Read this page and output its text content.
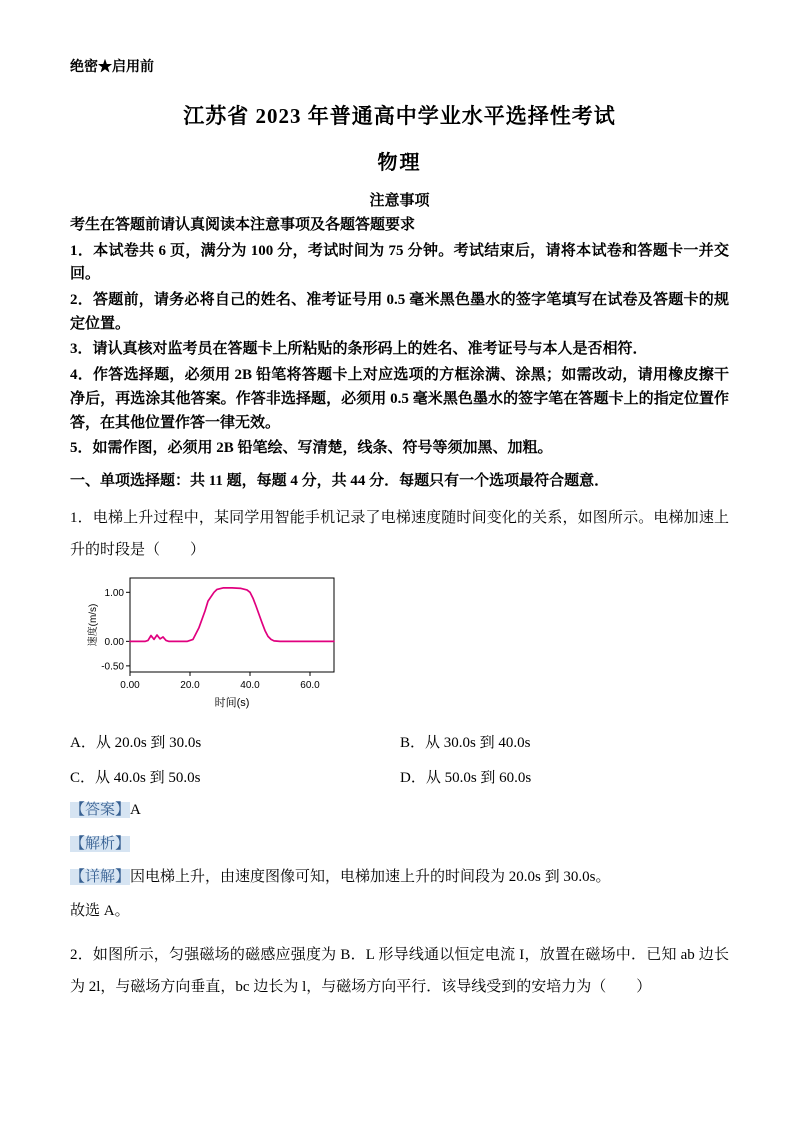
绝密★启用前
江苏省 2023 年普通高中学业水平选择性考试
物理
注意事项

考生在答题前请认真阅读本注意事项及各题答题要求

1．本试卷共 6 页，满分为 100 分，考试时间为 75 分钟。考试结束后，请将本试卷和答题卡一并交回。

2．答题前，请务必将自己的姓名、准考证号用 0.5 毫米黑色墨水的签字笔填写在试卷及答题卡的规定位置。

3．请认真核对监考员在答题卡上所粘贴的条形码上的姓名、准考证号与本人是否相符．

4．作答选择题，必须用 2B 铅笔将答题卡上对应选项的方框涂满、涂黑；如需改动，请用橡皮擦干净后，再选涂其他答案。作答非选择题，必须用 0.5 毫米黑色墨水的签字笔在答题卡上的指定位置作答，在其他位置作答一律无效。

5．如需作图，必须用 2B 铅笔绘、写清楚，线条、符号等须加黑、加粗。

一、单项选择题：共 11 题，每题 4 分，共 44 分．每题只有一个选项最符合题意．

1．电梯上升过程中，某同学用智能手机记录了电梯速度随时间变化的关系，如图所示。电梯加速上升的时段是（　　）

0.00	20.0	40.0	60.0
1.00
0.00
-0.50
时间(s)
速度(m/s)
A．从 20.0s 到 30.0s	B．从 30.0s 到 40.0s
C．从 40.0s 到 50.0s	D．从 50.0s 到 60.0s

【答案】A

【解析】

【详解】因电梯上升，由速度图像可知，电梯加速上升的时间段为 20.0s 到 30.0s。

故选 A。

2．如图所示，匀强磁场的磁感应强度为 B．L 形导线通以恒定电流 I，放置在磁场中．已知 ab 边长为 2l，与磁场方向垂直，bc 边长为 l，与磁场方向平行．该导线受到的安培力为（　　）
